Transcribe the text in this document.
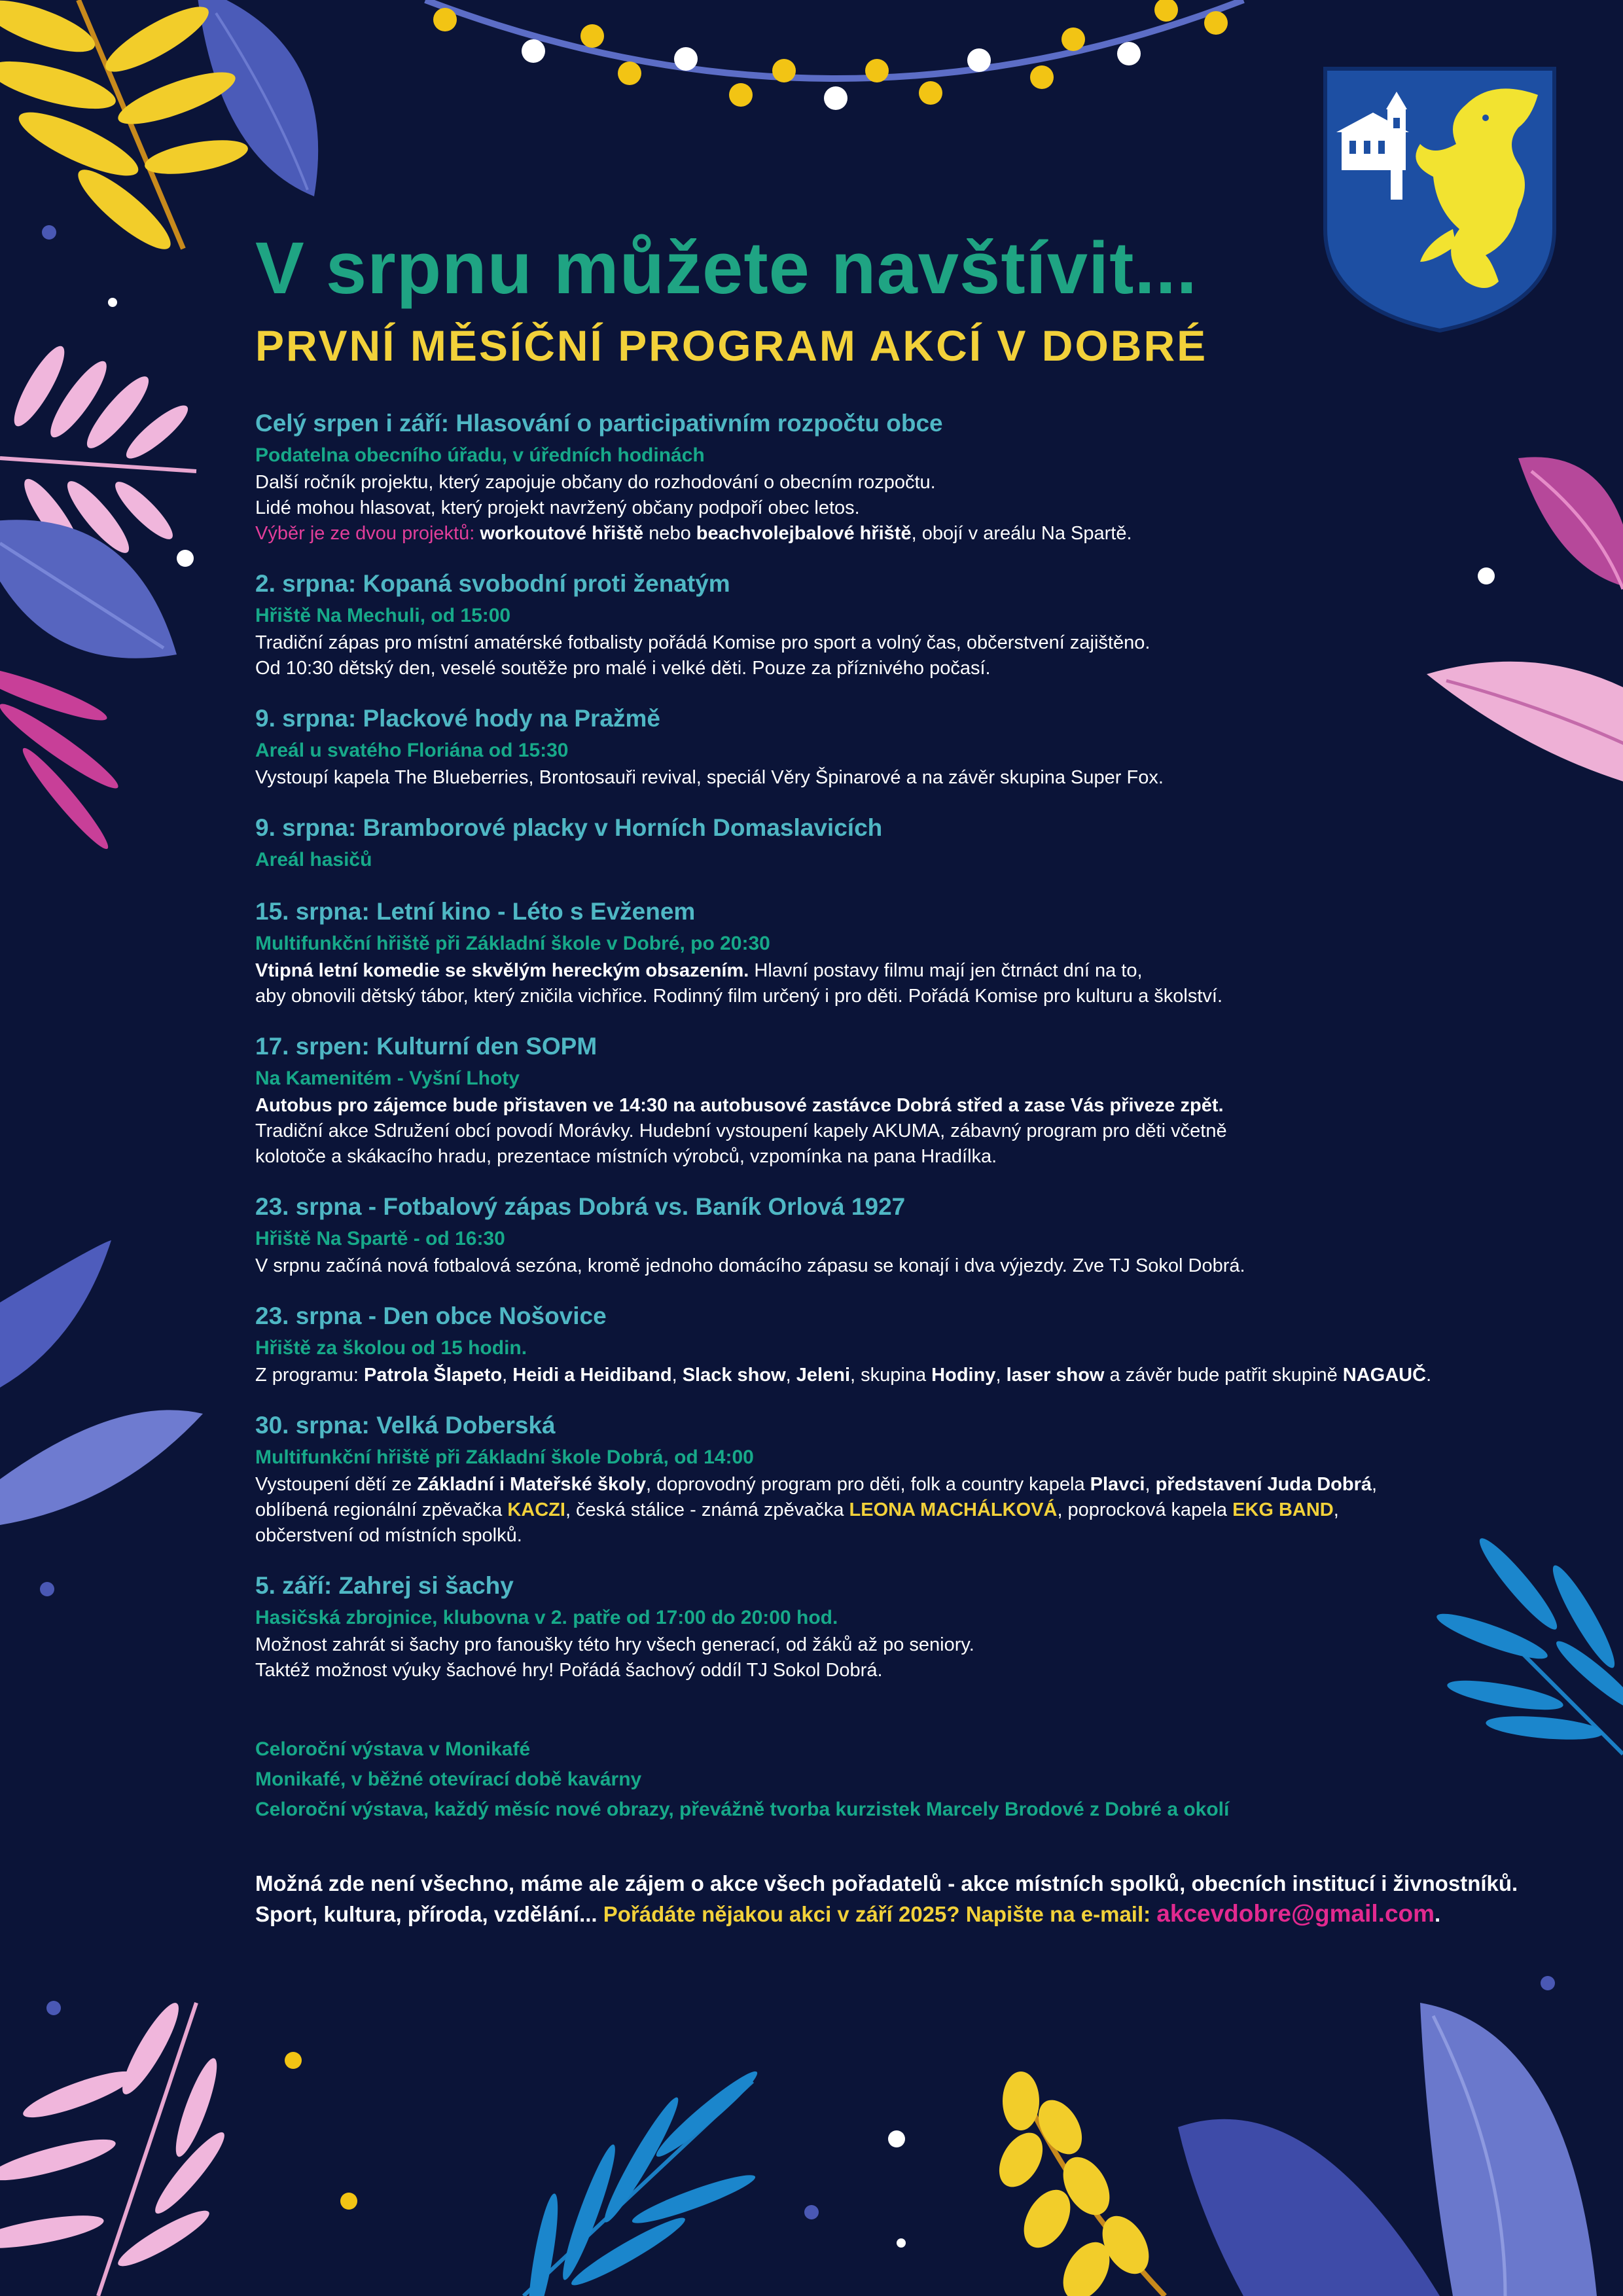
V srpnu můžete navštívit...
PRVNÍ MĚSÍČNÍ PROGRAM AKCÍ V DOBRÉ
Celý srpen i září: Hlasování o participativním rozpočtu obce

Podatelna obecního úřadu, v úředních hodinách

Další ročník projektu, který zapojuje občany do rozhodování o obecním rozpočtu.

Lidé mohou hlasovat, který projekt navržený občany podpoří obec letos.

Výběr je ze dvou projektů: workoutové hřiště nebo beachvolejbalové hřiště, obojí v areálu Na Spartě.

2. srpna: Kopaná svobodní proti ženatým

Hřiště Na Mechuli, od 15:00

Tradiční zápas pro místní amatérské fotbalisty pořádá Komise pro sport a volný čas, občerstvení zajištěno.

Od 10:30 dětský den, veselé soutěže pro malé i velké děti. Pouze za příznivého počasí.

9. srpna: Plackové hody na Pražmě

Areál u svatého Floriána od 15:30

Vystoupí kapela The Blueberries, Brontosauři revival, speciál Věry Špinarové a na závěr skupina Super Fox.

9. srpna: Bramborové placky v Horních Domaslavicích

Areál hasičů

15. srpna: Letní kino - Léto s Evženem

Multifunkční hřiště při Základní škole v Dobré, po 20:30

Vtipná letní komedie se skvělým hereckým obsazením. Hlavní postavy filmu mají jen čtrnáct dní na to,

aby obnovili dětský tábor, který zničila vichřice. Rodinný film určený i pro děti. Pořádá Komise pro kulturu a školství.

17. srpen: Kulturní den SOPM

Na Kamenitém - Vyšní Lhoty

Autobus pro zájemce bude přistaven ve 14:30 na autobusové zastávce Dobrá střed a zase Vás přiveze zpět.

Tradiční akce Sdružení obcí povodí Morávky. Hudební vystoupení kapely AKUMA, zábavný program pro děti včetně

kolotoče a skákacího hradu, prezentace místních výrobců, vzpomínka na pana Hradílka.

23. srpna - Fotbalový zápas Dobrá vs. Baník Orlová 1927

Hřiště Na Spartě - od 16:30

V srpnu začíná nová fotbalová sezóna, kromě jednoho domácího zápasu se konají i dva výjezdy. Zve TJ Sokol Dobrá.

23. srpna - Den obce Nošovice

Hřiště za školou od 15 hodin.

Z programu: Patrola Šlapeto, Heidi a Heidiband, Slack show, Jeleni, skupina Hodiny, laser show a závěr bude patřit skupině NAGAUČ.

30. srpna: Velká Doberská

Multifunkční hřiště při Základní škole Dobrá, od 14:00

Vystoupení dětí ze Základní i Mateřské školy, doprovodný program pro děti, folk a country kapela Plavci, představení Juda Dobrá,

oblíbená regionální zpěvačka KACZI, česká stálice - známá zpěvačka LEONA MACHÁLKOVÁ, poprocková kapela EKG BAND,

občerstvení od místních spolků.

5. září: Zahrej si šachy

Hasičská zbrojnice, klubovna v 2. patře od 17:00 do 20:00 hod.

Možnost zahrát si šachy pro fanoušky této hry všech generací, od žáků až po seniory.

Taktéž možnost výuky šachové hry! Pořádá šachový oddíl TJ Sokol Dobrá.

Celoroční výstava v Monikafé

Monikafé, v běžné otevírací době kavárny

Celoroční výstava, každý měsíc nové obrazy, převážně tvorba kurzistek Marcely Brodové z Dobré a okolí

Možná zde není všechno, máme ale zájem o akce všech pořadatelů - akce místních spolků, obecních institucí i živnostníků.

Sport, kultura, příroda, vzdělání... Pořádáte nějakou akci v září 2025? Napište na e-mail: akcevdobre@gmail.com.
